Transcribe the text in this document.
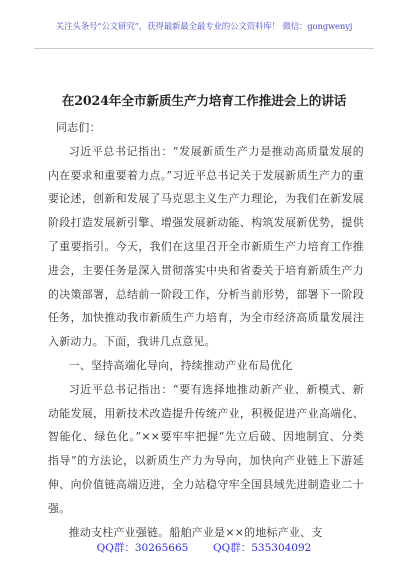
关注头条号“公文研究”，获得最新最全最专业的公文资料库！ 微信：gongwenyj
在2024年全市新质生产力培育工作推进会上的讲话

同志们：

习近平总书记指出：“发展新质生产力是推动高质量发展的内在要求和重要着力点。”习近平总书记关于发展新质生产力的重要论述，创新和发展了马克思主义生产力理论，为我们在新发展阶段打造发展新引擎、增强发展新动能、构筑发展新优势，提供了重要指引。今天，我们在这里召开全市新质生产力培育工作推进会，主要任务是深入贯彻落实中央和省委关于培育新质生产力的决策部署，总结前一阶段工作，分析当前形势，部署下一阶段任务，加快推动我市新质生产力培育，为全市经济高质量发展注入新动力。下面，我讲几点意见。

一、坚持高端化导向，持续推动产业布局优化

习近平总书记指出：“要有选择地推动新产业、新模式、新动能发展，用新技术改造提升传统产业，积极促进产业高端化、智能化、绿色化。”××要牢牢把握“先立后破、因地制宜、分类指导”的方法论，以新质生产力为导向，加快向产业链上下游延伸、向价值链高端迈进，全力站稳守牢全国县域先进制造业二十强。

推动支柱产业强链。船舶产业是××的地标产业、支

QQ群：30265665 QQ群：535304092
